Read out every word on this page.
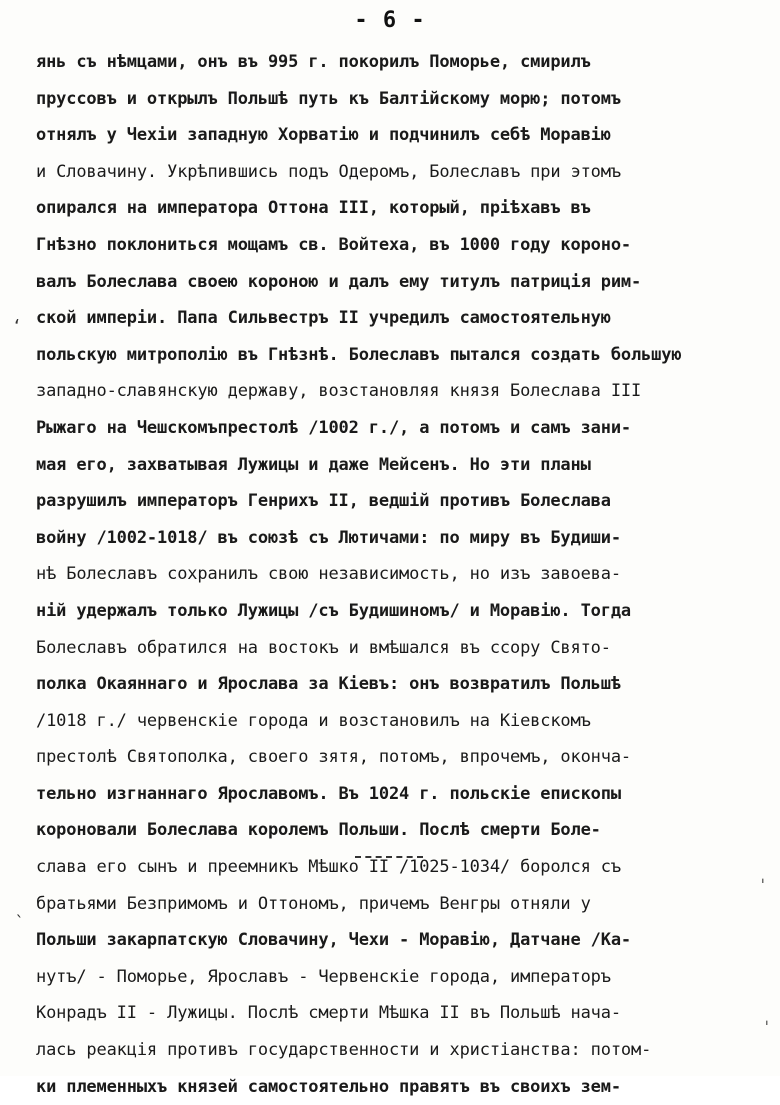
- 6 -
янь съ нѣмцами, онъ въ 995 г. покорилъ Поморье, смирилъ
пруссовъ и открылъ Польшѣ путь къ Балтійскому морю; потомъ
отнялъ у Чехіи западную Хорватію и подчинилъ себѣ Моравію
и Словачину. Укрѣпившись подъ Одеромъ, Болеславъ при этомъ
опирался на императора Оттона III, который, пріѣхавъ въ
Гнѣзно поклониться мощамъ св. Войтеха, въ 1000 году короно-
валъ Болеслава своею короною и далъ ему титулъ патриція рим-
ской имперіи. Папа Сильвестръ II учредилъ самостоятельную
польскую митрополію въ Гнѣзнѣ. Болеславъ пытался создать большую
западно-славянскую державу, возстановляя князя Болеслава III
Рыжаго на Чешскомъпрестолѣ /1002 г./, а потомъ и самъ зани-
мая его, захватывая Лужицы и даже Мейсенъ. Но эти планы
разрушилъ императоръ Генрихъ II, ведшій противъ Болеслава
войну /1002-1018/ въ союзѣ съ Лютичами: по миру въ Будиши-
нѣ Болеславъ сохранилъ свою независимость, но изъ завоева-
ній удержалъ только Лужицы /съ Будишиномъ/ и Моравію. Тогда
Болеславъ обратился на востокъ и вмѣшался въ ссору Свято-
полка Окаяннаго и Ярослава за Кіевъ: онъ возвратилъ Польшѣ
/1018 г./ червенскіе города и возстановилъ на Кіевскомъ
престолѣ Святополка, своего зятя, потомъ, впрочемъ, оконча-
тельно изгнаннаго Ярославомъ. Въ 1024 г. польскіе епископы
короновали Болеслава королемъ Польши. Послѣ смерти Боле-
слава его сынъ и преемникъ Мѣшко II /1025-1034/ боролся съ
братьями Безпримомъ и Оттономъ, причемъ Венгры отняли у
Польши закарпатскую Словачину, Чехи - Моравію, Датчане /Ка-
нутъ/ - Поморье, Ярославъ - Червенскіе города, императоръ
Конрадъ II - Лужицы. Послѣ смерти Мѣшка II въ Польшѣ нача-
лась реакція противъ государственности и христіанства: потом-
ки племенныхъ князей самостоятельно правятъ въ своихъ зем-
‘
ˎ
ˈ
ˈ
